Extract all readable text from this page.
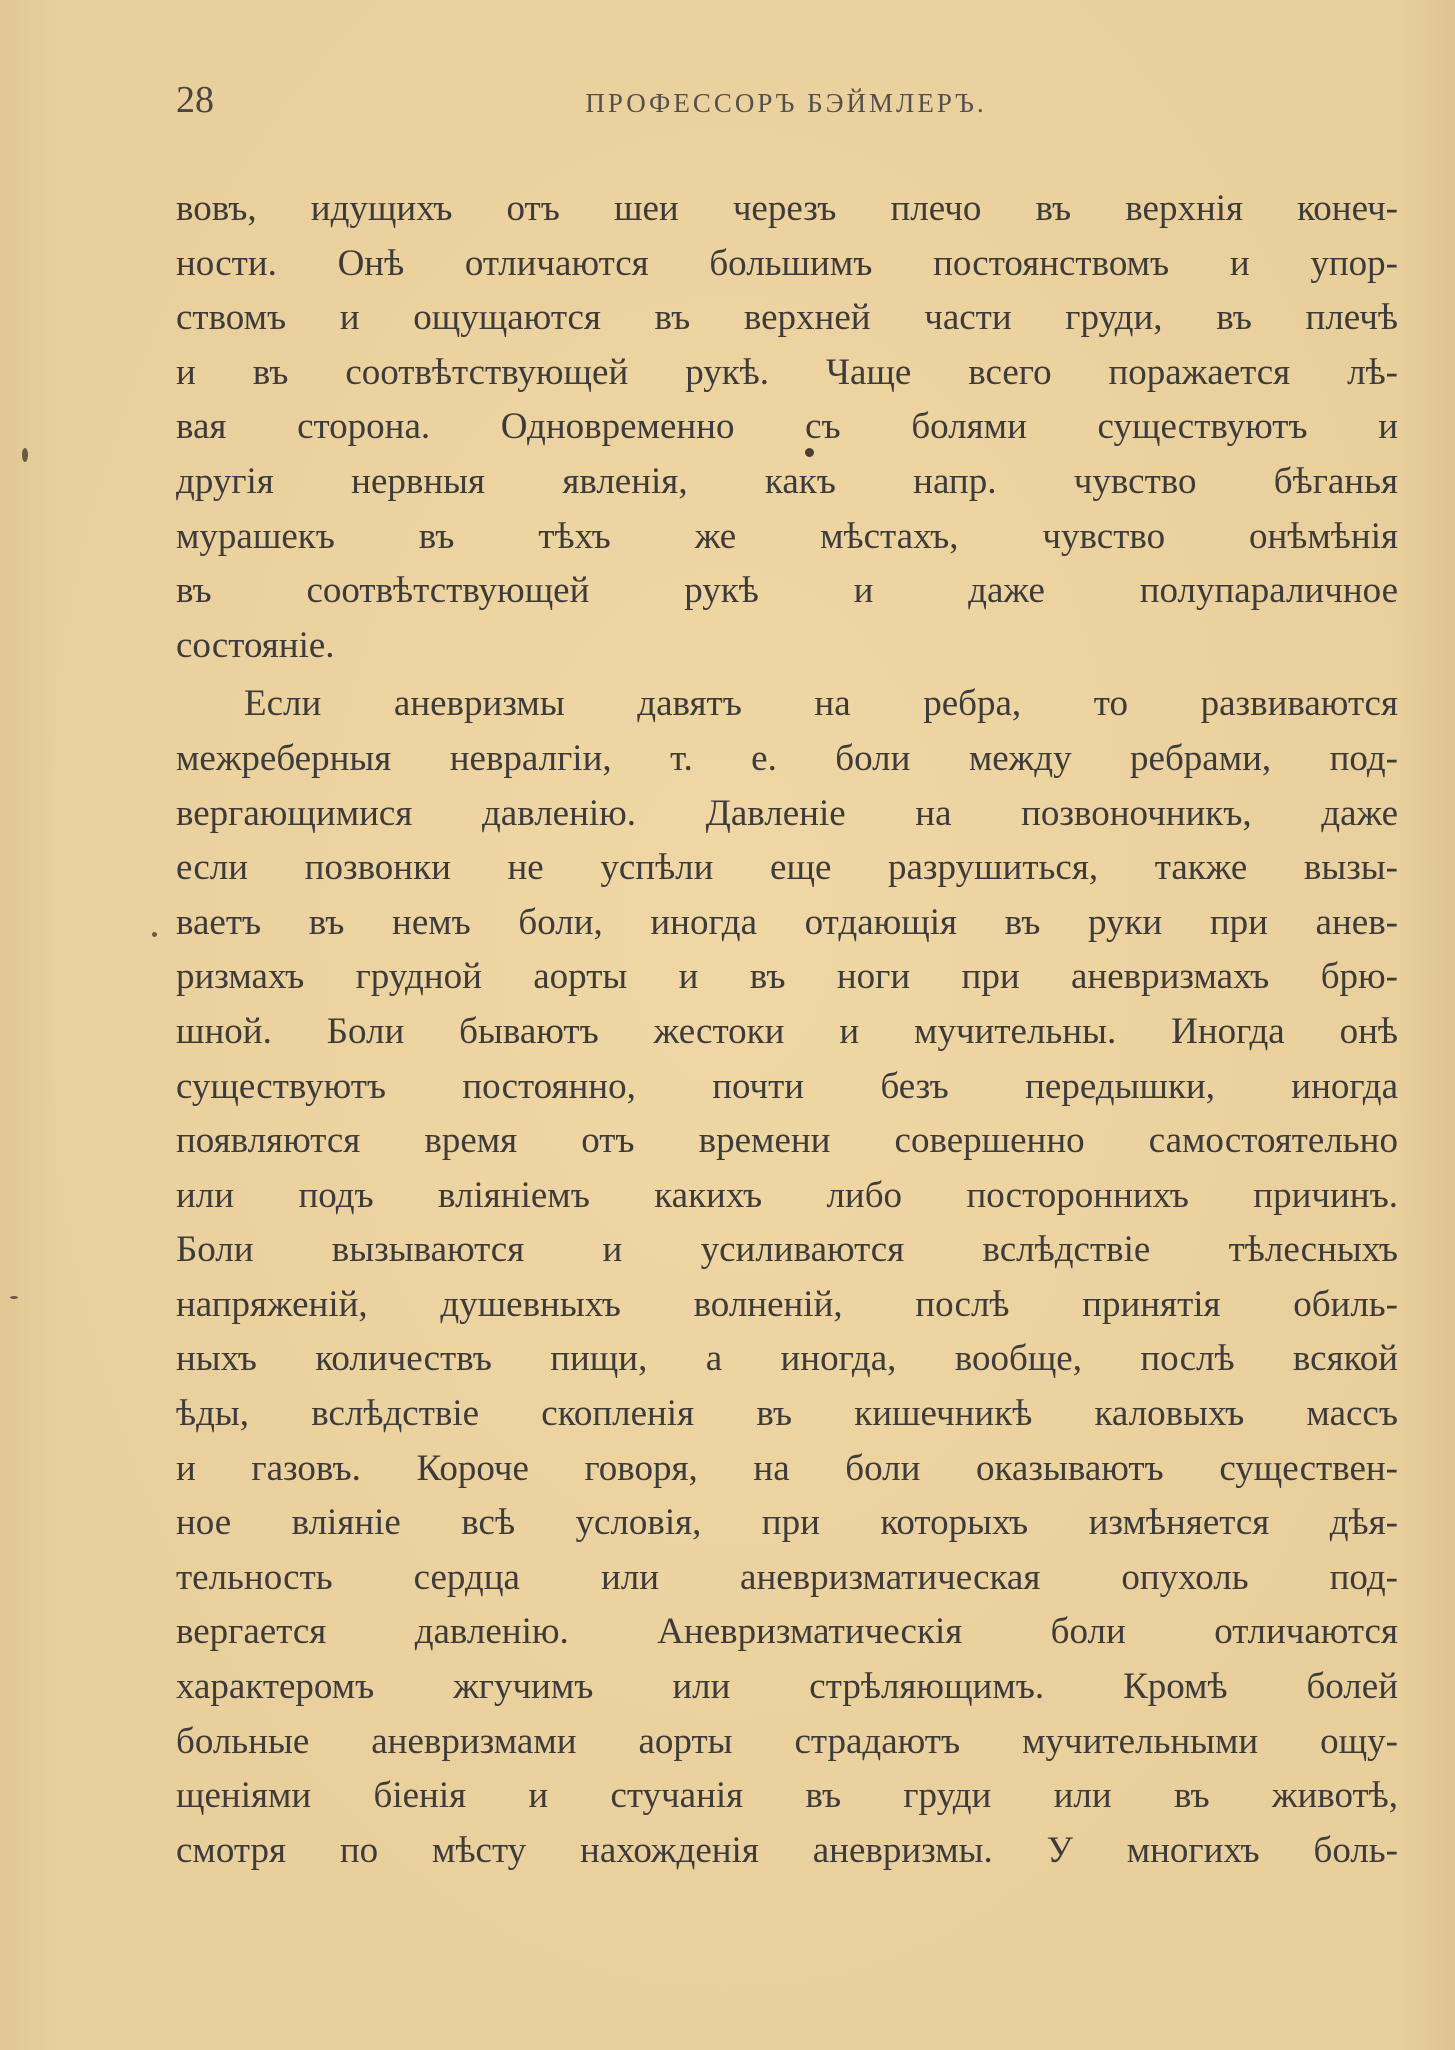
28	ПРОФЕССОРЪ БЭЙМЛЕРЪ.
вовъ, идущихъ отъ шеи черезъ плечо въ верхнія конеч-
ности. Онѣ отличаются большимъ постоянствомъ и упор-
ствомъ и ощущаются въ верхней части груди, въ плечѣ
и въ соотвѣтствующей рукѣ. Чаще всего поражается лѣ-
вая сторона. Одновременно съ болями существуютъ и
другія нервныя явленія, какъ напр. чувство бѣганья
мурашекъ въ тѣхъ же мѣстахъ, чувство онѣмѣнія
въ соотвѣтствующей рукѣ и даже полупараличное
состояніе.
Если аневризмы давятъ на ребра, то развиваются
межреберныя невралгіи, т. е. боли между ребрами, под-
вергающимися давленію. Давленіе на позвоночникъ, даже
если позвонки не успѣли еще разрушиться, также вызы-
ваетъ въ немъ боли, иногда отдающія въ руки при анев-
ризмахъ грудной аорты и въ ноги при аневризмахъ брю-
шной. Боли бываютъ жестоки и мучительны. Иногда онѣ
существуютъ постоянно, почти безъ передышки, иногда
появляются время отъ времени совершенно самостоятельно
или подъ вліяніемъ какихъ либо постороннихъ причинъ.
Боли вызываются и усиливаются вслѣдствіе тѣлесныхъ
напряженій, душевныхъ волненій, послѣ принятія обиль-
ныхъ количествъ пищи, а иногда, вообще, послѣ всякой
ѣды, вслѣдствіе скопленія въ кишечникѣ каловыхъ массъ
и газовъ. Короче говоря, на боли оказываютъ существен-
ное вліяніе всѣ условія, при которыхъ измѣняется дѣя-
тельность сердца или аневризматическая опухоль под-
вергается давленію. Аневризматическія боли отличаются
характеромъ жгучимъ или стрѣляющимъ. Кромѣ болей
больные аневризмами аорты страдаютъ мучительными ощу-
щеніями біенія и стучанія въ груди или въ животѣ,
смотря по мѣсту нахожденія аневризмы. У многихъ боль-
